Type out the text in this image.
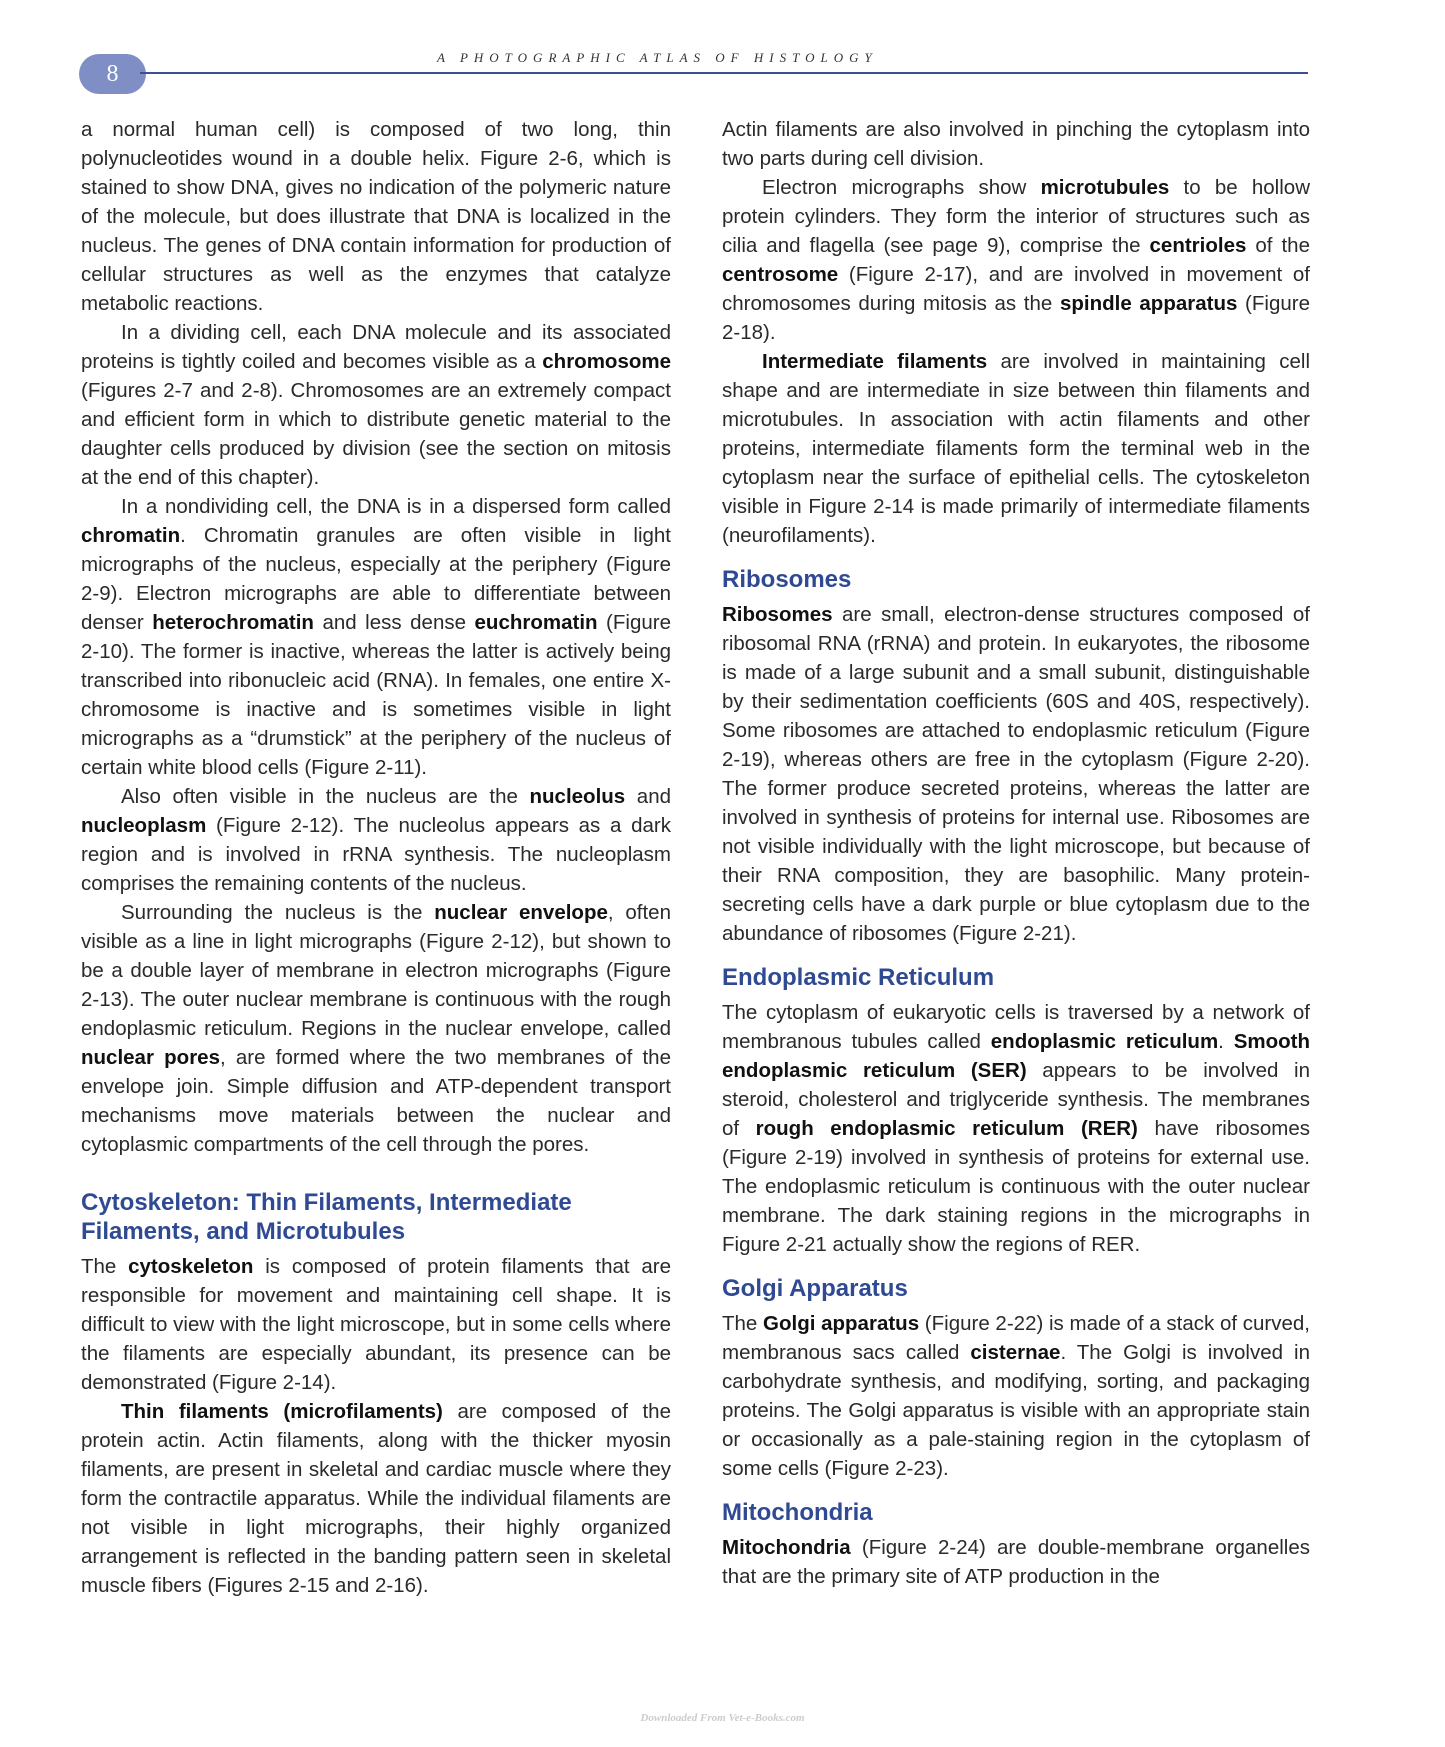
8
A PHOTOGRAPHIC ATLAS OF HISTOLOGY

a normal human cell) is composed of two long, thin polynucleotides wound in a double helix. Figure 2-6, which is stained to show DNA, gives no indication of the polymeric nature of the molecule, but does illustrate that DNA is localized in the nucleus. The genes of DNA contain information for production of cellular structures as well as the enzymes that catalyze metabolic reactions.

In a dividing cell, each DNA molecule and its associated proteins is tightly coiled and becomes visible as a chromosome (Figures 2-7 and 2-8). Chromosomes are an extremely compact and efficient form in which to distribute genetic material to the daughter cells produced by division (see the section on mitosis at the end of this chapter).

In a nondividing cell, the DNA is in a dispersed form called chromatin. Chromatin granules are often visible in light micrographs of the nucleus, especially at the periphery (Figure 2-9). Electron micrographs are able to differentiate between denser heterochromatin and less dense euchromatin (Figure 2-10). The former is inactive, whereas the latter is actively being transcribed into ribonucleic acid (RNA). In females, one entire X-chromosome is inactive and is sometimes visible in light micrographs as a “drumstick” at the periphery of the nucleus of certain white blood cells (Figure 2-11).

Also often visible in the nucleus are the nucleolus and nucleoplasm (Figure 2-12). The nucleolus appears as a dark region and is involved in rRNA synthesis. The nucleoplasm comprises the remaining contents of the nucleus.

Surrounding the nucleus is the nuclear envelope, often visible as a line in light micrographs (Figure 2-12), but shown to be a double layer of membrane in electron micrographs (Figure 2-13). The outer nuclear membrane is continuous with the rough endoplasmic reticulum. Regions in the nuclear envelope, called nuclear pores, are formed where the two membranes of the envelope join. Simple diffusion and ATP-dependent transport mechanisms move materials between the nuclear and cytoplasmic compartments of the cell through the pores.

Cytoskeleton: Thin Filaments, Intermediate Filaments, and Microtubules

The cytoskeleton is composed of protein filaments that are responsible for movement and maintaining cell shape. It is difficult to view with the light microscope, but in some cells where the filaments are especially abundant, its presence can be demonstrated (Figure 2-14).

Thin filaments (microfilaments) are composed of the protein actin. Actin filaments, along with the thicker myosin filaments, are present in skeletal and cardiac muscle where they form the contractile apparatus. While the individual filaments are not visible in light micrographs, their highly organized arrangement is reflected in the banding pattern seen in skeletal muscle fibers (Figures 2-15 and 2-16).

Actin filaments are also involved in pinching the cytoplasm into two parts during cell division.

Electron micrographs show microtubules to be hollow protein cylinders. They form the interior of structures such as cilia and flagella (see page 9), comprise the centrioles of the centrosome (Figure 2-17), and are involved in movement of chromosomes during mitosis as the spindle apparatus (Figure 2-18).

Intermediate filaments are involved in maintaining cell shape and are intermediate in size between thin filaments and microtubules. In association with actin filaments and other proteins, intermediate filaments form the terminal web in the cytoplasm near the surface of epithelial cells. The cytoskeleton visible in Figure 2-14 is made primarily of intermediate filaments (neurofilaments).

Ribosomes

Ribosomes are small, electron-dense structures composed of ribosomal RNA (rRNA) and protein. In eukaryotes, the ribosome is made of a large subunit and a small subunit, distinguishable by their sedimentation coefficients (60S and 40S, respectively). Some ribosomes are attached to endoplasmic reticulum (Figure 2-19), whereas others are free in the cytoplasm (Figure 2-20). The former produce secreted proteins, whereas the latter are involved in synthesis of proteins for internal use. Ribosomes are not visible individually with the light microscope, but because of their RNA composition, they are basophilic. Many protein-secreting cells have a dark purple or blue cytoplasm due to the abundance of ribosomes (Figure 2-21).

Endoplasmic Reticulum

The cytoplasm of eukaryotic cells is traversed by a network of membranous tubules called endoplasmic reticulum. Smooth endoplasmic reticulum (SER) appears to be involved in steroid, cholesterol and triglyceride synthesis. The membranes of rough endoplasmic reticulum (RER) have ribosomes (Figure 2-19) involved in synthesis of proteins for external use. The endoplasmic reticulum is continuous with the outer nuclear membrane. The dark staining regions in the micrographs in Figure 2-21 actually show the regions of RER.

Golgi Apparatus

The Golgi apparatus (Figure 2-22) is made of a stack of curved, membranous sacs called cisternae. The Golgi is involved in carbohydrate synthesis, and modifying, sorting, and packaging proteins. The Golgi apparatus is visible with an appropriate stain or occasionally as a pale-staining region in the cytoplasm of some cells (Figure 2-23).

Mitochondria

Mitochondria (Figure 2-24) are double-membrane organelles that are the primary site of ATP production in the

Downloaded From Vet-e-Books.com
